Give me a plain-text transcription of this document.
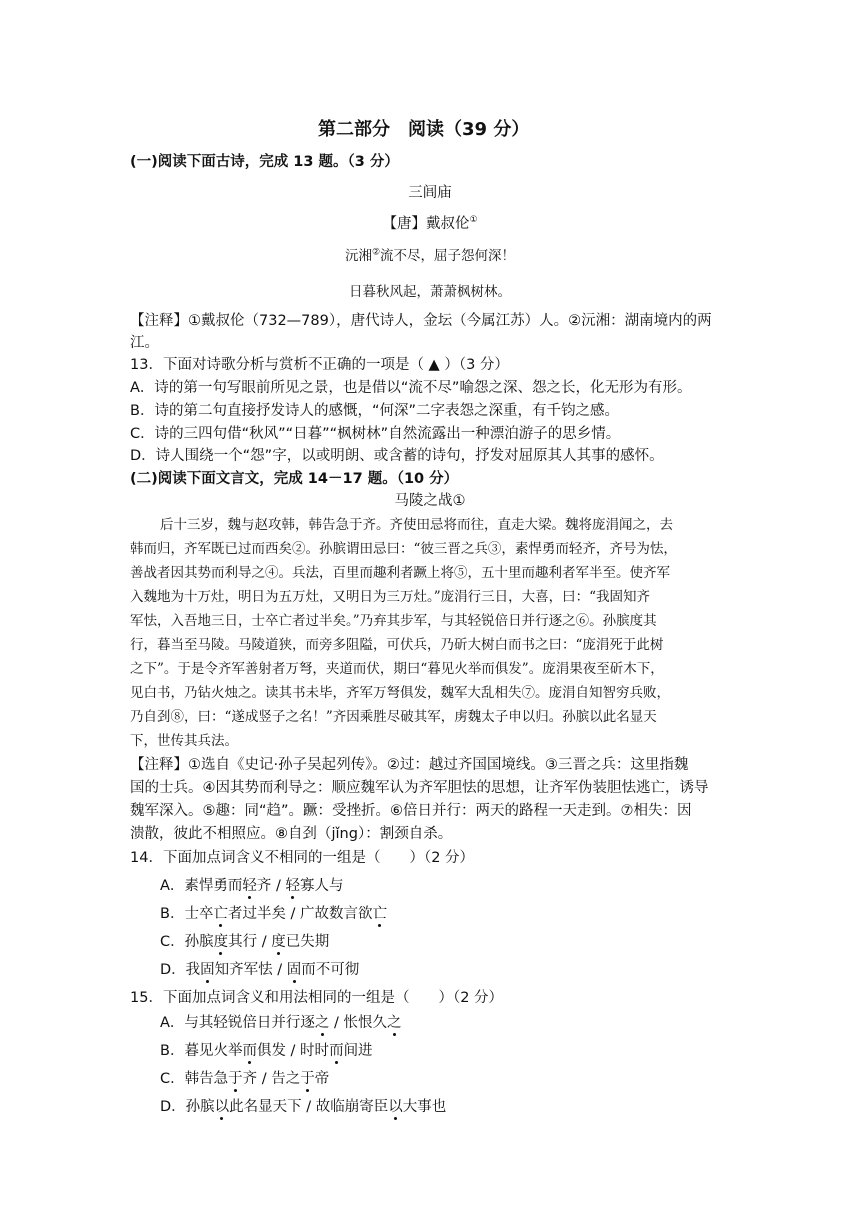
第二部分　阅读（39 分）
(一)阅读下面古诗，完成 13 题。（3 分）
三闾庙
【唐】戴叔伦①
沅湘②流不尽，屈子怨何深！
日暮秋风起，萧萧枫树林。
【注释】①戴叔伦（732—789），唐代诗人，金坛（今属江苏）人。②沅湘：湖南境内的两
江。
13．下面对诗歌分析与赏析不正确的一项是（ ▲ ）（3 分）
A．诗的第一句写眼前所见之景，也是借以“流不尽”喻怨之深、怨之长，化无形为有形。
B．诗的第二句直接抒发诗人的感慨，“何深”二字表怨之深重，有千钧之感。
C．诗的三四句借“秋风”“日暮”“枫树林”自然流露出一种漂泊游子的思乡情。
D．诗人围绕一个“怨”字，以或明朗、或含蓄的诗句，抒发对屈原其人其事的感怀。
(二)阅读下面文言文，完成 14－17 题。（10 分）
马陵之战①
后十三岁，魏与赵攻韩，韩告急于齐。齐使田忌将而往，直走大梁。魏将庞涓闻之，去
韩而归，齐军既已过而西矣②。孙膑谓田忌曰：“彼三晋之兵③，素悍勇而轻齐，齐号为怯，
善战者因其势而利导之④。兵法，百里而趣利者蹶上将⑤，五十里而趣利者军半至。使齐军
入魏地为十万灶，明日为五万灶，又明日为三万灶。”庞涓行三日，大喜，曰：“我固知齐
军怯，入吾地三日，士卒亡者过半矣。”乃弃其步军，与其轻锐倍日并行逐之⑥。孙膑度其
行，暮当至马陵。马陵道狭，而旁多阻隘，可伏兵，乃斫大树白而书之曰：“庞涓死于此树
之下”。于是令齐军善射者万弩，夹道而伏，期曰“暮见火举而俱发”。庞涓果夜至斫木下，
见白书，乃钻火烛之。读其书未毕，齐军万弩俱发，魏军大乱相失⑦。庞涓自知智穷兵败，
乃自刭⑧，曰：“遂成竖子之名！”齐因乘胜尽破其军，虏魏太子申以归。孙膑以此名显天
下，世传其兵法。
【注释】①选自《史记·孙子吴起列传》。②过：越过齐国国境线。③三晋之兵：这里指魏
国的士兵。④因其势而利导之：顺应魏军认为齐军胆怯的思想，让齐军伪装胆怯逃亡，诱导
魏军深入。⑤趣：同“趋”。蹶：受挫折。⑥倍日并行：两天的路程一天走到。⑦相失：因
溃散，彼此不相照应。⑧自刭（jǐng）：割颈自杀。
14．下面加点词含义不相同的一组是（　　）（2 分）
A．素悍勇而轻齐 / 轻寡人与
B．士卒亡者过半矣 / 广故数言欲亡
C．孙膑度其行 / 度已失期
D．我固知齐军怯 / 固而不可彻
15．下面加点词含义和用法相同的一组是（　　）（2 分）
A．与其轻锐倍日并行逐之 / 怅恨久之
B．暮见火举而俱发 / 时时而间进
C．韩告急于齐 / 告之于帝
D．孙膑以此名显天下 / 故临崩寄臣以大事也
